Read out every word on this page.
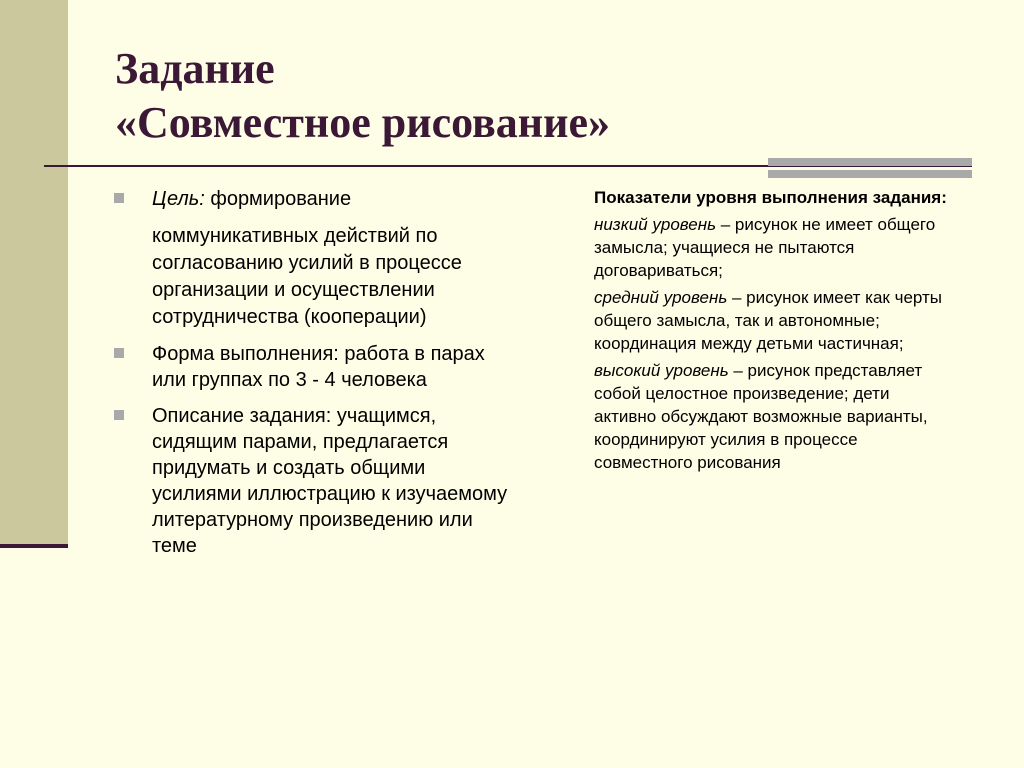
Задание
«Совместное рисование»
Цель: формирование
коммуникативных действий по согласованию усилий в процессе организации и осуществлении сотрудничества (кооперации)
Форма выполнения: работа в парах или группах по 3 - 4 человека
Описание задания: учащимся, сидящим парами, предлагается придумать и создать общими усилиями иллюстрацию к изучаемому литературному произведению или теме

Показатели уровня выполнения задания:

низкий уровень – рисунок не имеет общего замысла; учащиеся не пытаются договариваться;

средний уровень – рисунок имеет как черты общего замысла, так и автономные; координация между детьми частичная;

высокий уровень – рисунок представляет собой целостное произведение; дети активно обсуждают возможные варианты, координируют усилия в процессе совместного рисования
